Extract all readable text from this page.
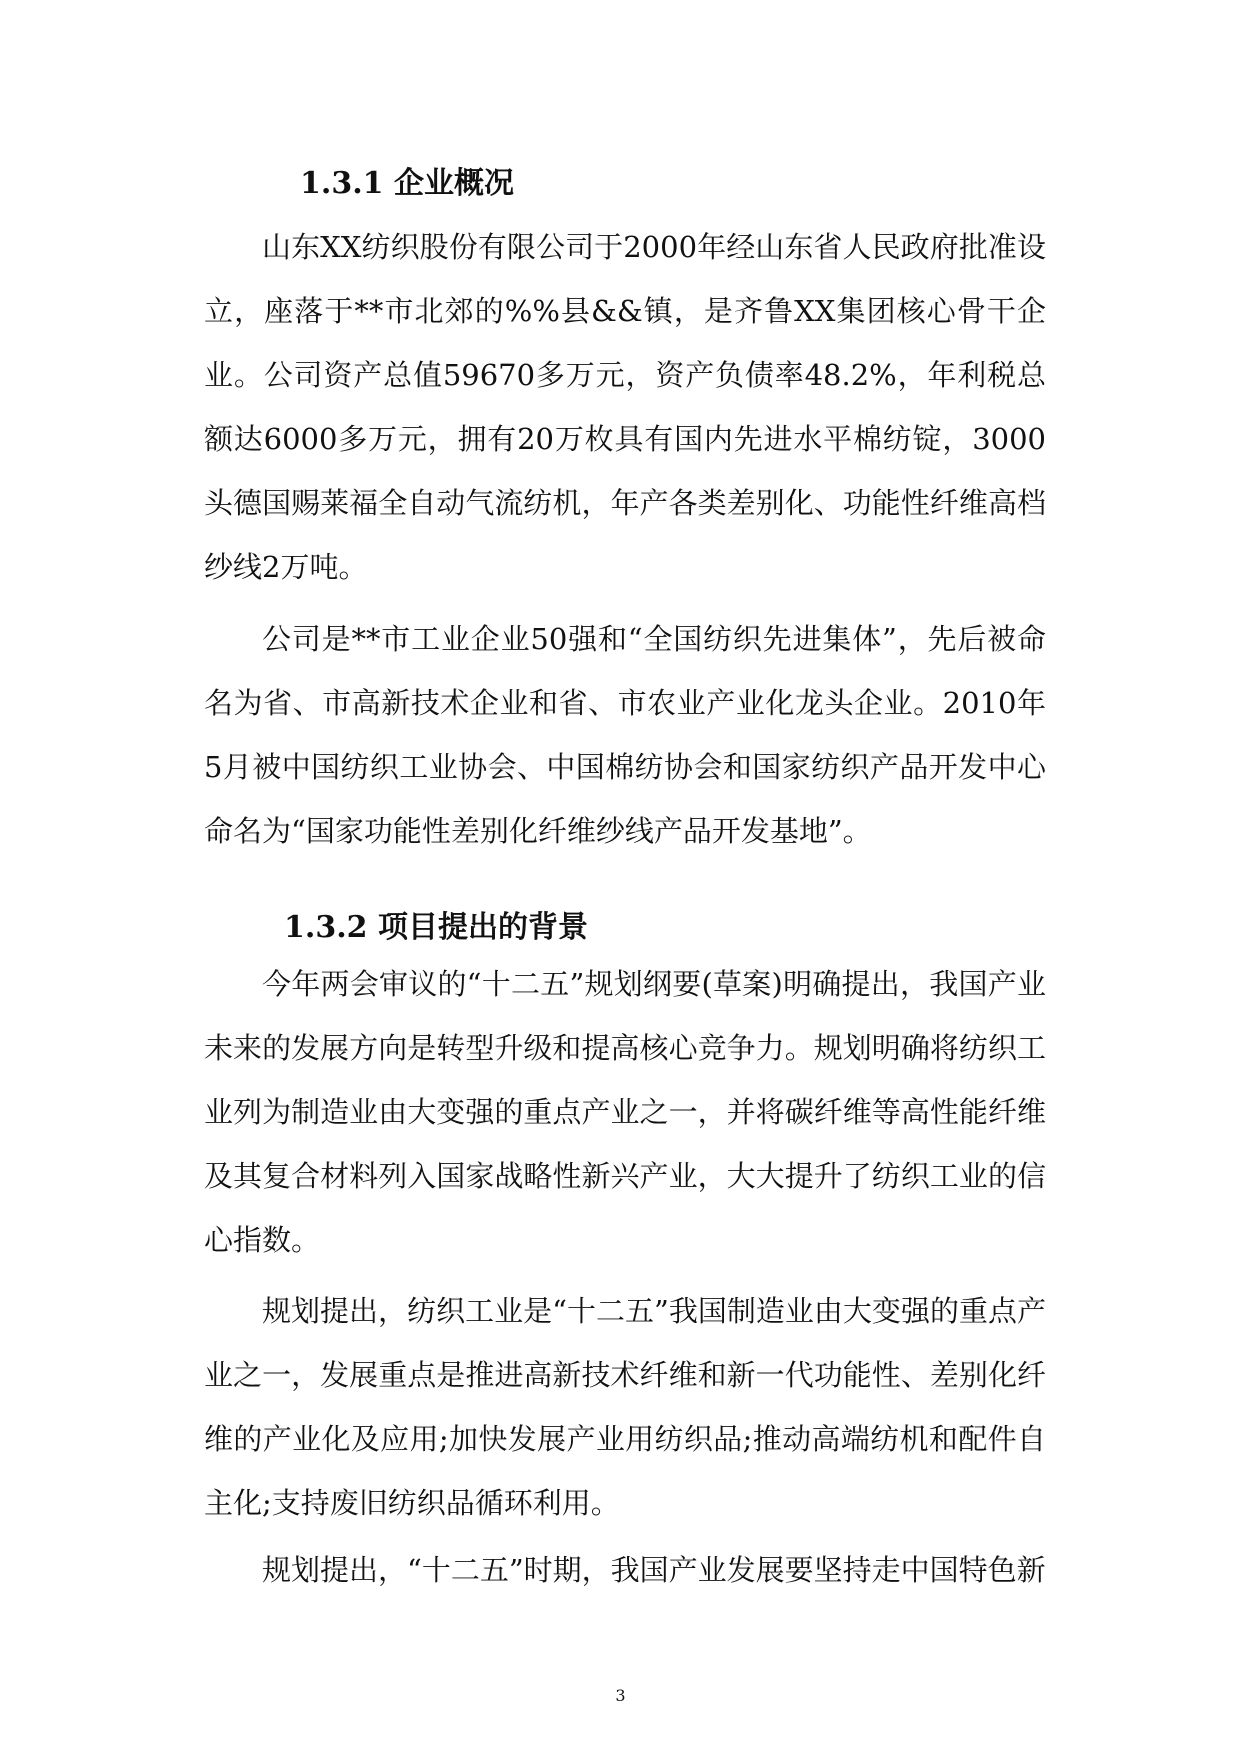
1.3.1 企业概况

山东XX纺织股份有限公司于2000年经山东省人民政府批准设立，座落于**市北郊的%%县&&镇，是齐鲁XX集团核心骨干企业。公司资产总值59670多万元，资产负债率48.2%，年利税总额达6000多万元，拥有20万枚具有国内先进水平棉纺锭，3000头德国赐莱福全自动气流纺机，年产各类差别化、功能性纤维高档纱线2万吨。

公司是**市工业企业50强和“全国纺织先进集体”，先后被命名为省、市高新技术企业和省、市农业产业化龙头企业。2010年5月被中国纺织工业协会、中国棉纺协会和国家纺织产品开发中心命名为“国家功能性差别化纤维纱线产品开发基地”。

1.3.2 项目提出的背景

今年两会审议的“十二五”规划纲要(草案)明确提出，我国产业未来的发展方向是转型升级和提高核心竞争力。规划明确将纺织工业列为制造业由大变强的重点产业之一，并将碳纤维等高性能纤维及其复合材料列入国家战略性新兴产业，大大提升了纺织工业的信心指数。

规划提出，纺织工业是“十二五”我国制造业由大变强的重点产业之一，发展重点是推进高新技术纤维和新一代功能性、差别化纤维的产业化及应用;加快发展产业用纺织品;推动高端纺机和配件自主化;支持废旧纺织品循环利用。

规划提出，“十二五”时期，我国产业发展要坚持走中国特色新

3
